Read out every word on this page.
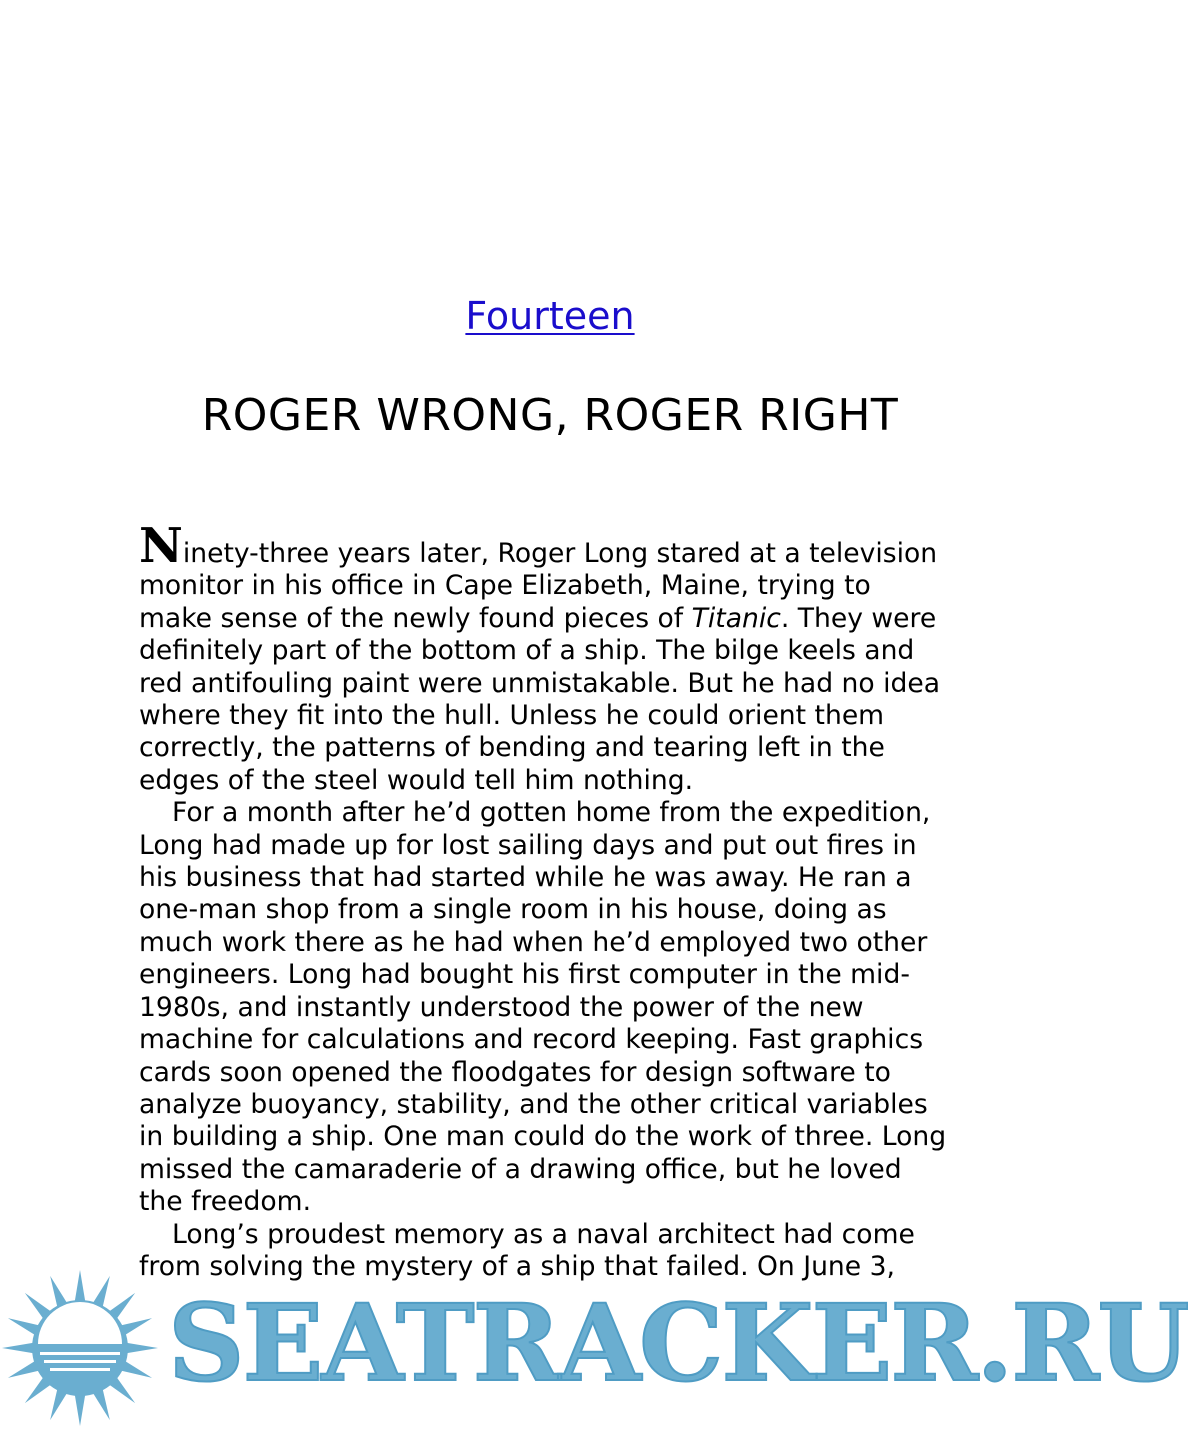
Fourteen
ROGER WRONG, ROGER RIGHT

Ninety-three years later, Roger Long stared at a television
monitor in his office in Cape Elizabeth, Maine, trying to
make sense of the newly found pieces of Titanic. They were
definitely part of the bottom of a ship. The bilge keels and
red antifouling paint were unmistakable. But he had no idea
where they fit into the hull. Unless he could orient them
correctly, the patterns of bending and tearing left in the
edges of the steel would tell him nothing.

For a month after he’d gotten home from the expedition,
Long had made up for lost sailing days and put out fires in
his business that had started while he was away. He ran a
one-man shop from a single room in his house, doing as
much work there as he had when he’d employed two other
engineers. Long had bought his first computer in the mid-
1980s, and instantly understood the power of the new
machine for calculations and record keeping. Fast graphics
cards soon opened the floodgates for design software to
analyze buoyancy, stability, and the other critical variables
in building a ship. One man could do the work of three. Long
missed the camaraderie of a drawing office, but he loved
the freedom.

Long’s proudest memory as a naval architect had come
from solving the mystery of a ship that failed. On June 3,

SEATRACKER.RU
